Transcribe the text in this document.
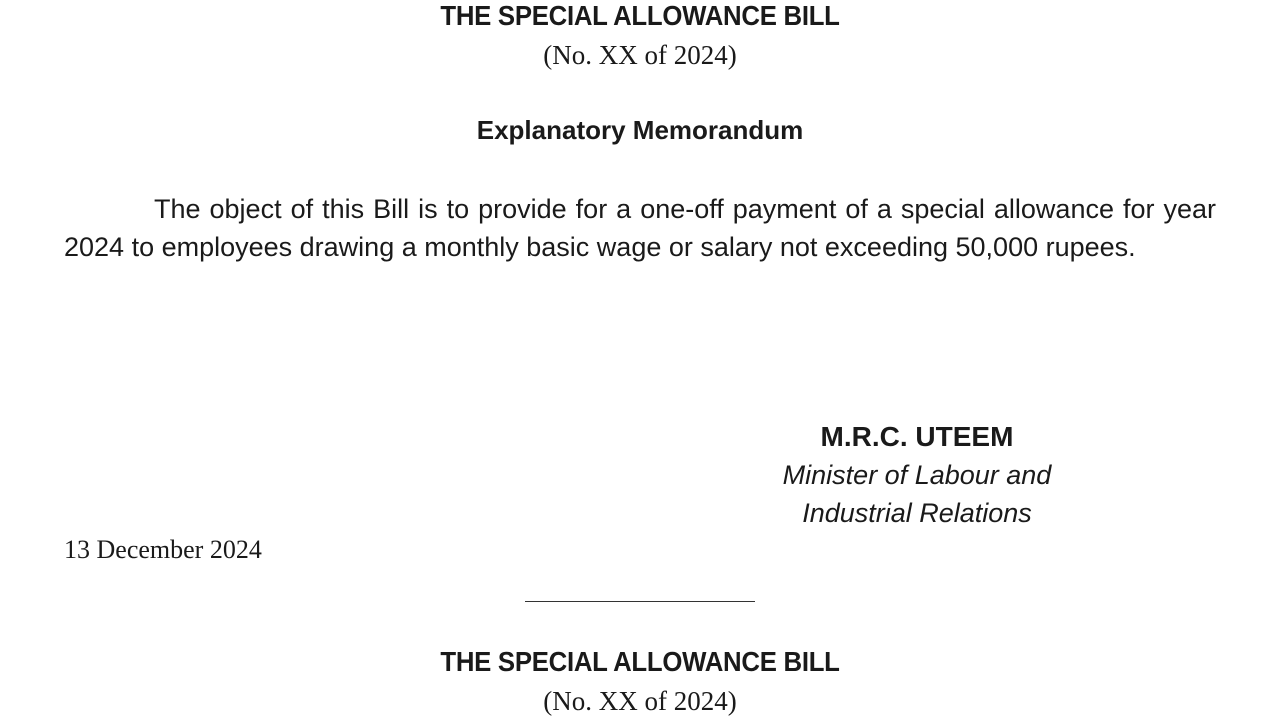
THE SPECIAL ALLOWANCE BILL
(No. XX of 2024)
Explanatory Memorandum

The object of this Bill is to provide for a one-off payment of a special allowance for year 2024 to employees drawing a monthly basic wage or salary not exceeding 50,000 rupees.

M.R.C. UTEEM
Minister of Labour and
Industrial Relations
13 December 2024
THE SPECIAL ALLOWANCE BILL
(No. XX of 2024)
